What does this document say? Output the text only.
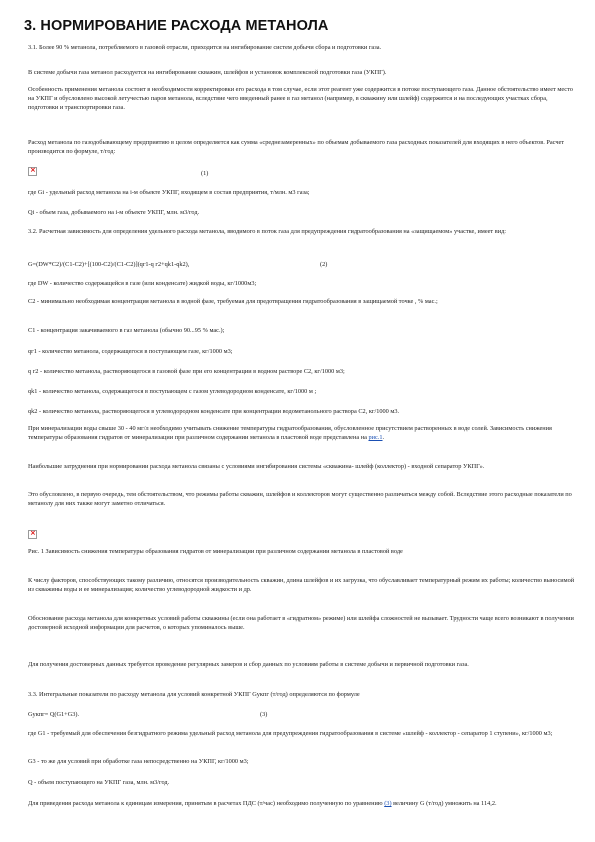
3. НОРМИРОВАНИЕ РАСХОДА МЕТАНОЛА

3.1. Более 90 % метанола, потребляемого в газовой отрасли, приходится на ингибирование систем добычи сбора и подготовки газа.

В системе добычи газа метанол расходуется на ингибирование скважин, шлейфов и установок комплексной подготовки газа (УКПГ).

Особенность применения метанола состоит в необходимости корректировки его расхода в том случае, если этот реагент уже содержится в потоке поступающего газа. Данное обстоятельство имеет место на УКПГ и обусловлено высокой летучестью паров метанола, вследствие чего введенный ранее в газ метанол (например, в скважину или шлейф) содержится и на последующих участках сбора, подготовки и транспортировки газа.

Расход метанола по газодобывающему предприятию в целом определяется как сумма «среднезамеренных» по объемам добываемого газа расходных показателей для входящих в него объектов. Расчет производится по формуле, т/год:

×	(1)

где Gi - удельный расход метанола на i-м объекте УКПГ, входящем в состав предприятия, т/млн. м3 газа;

Qi - объем газа, добываемого на i-м объекте УКПГ, млн. м3/год.

3.2. Расчетная зависимость для определения удельного расхода метанола, вводимого в поток газа для предупреждения гидратообразования на «защищаемом» участке, имеет вид:

G=(DW*C2)/(C1-C2)+[(100-C2)/(C1-C2)](qг1-q г2+qk1-qk2),	(2)

где DW - количество содержащейся в газе (или конденсате) жидкой воды, кг/1000м3;

C2 - минимально необходимая концентрация метанола в водной фазе, требуемая для предотвращения гидратообразования в защищаемой точке , % мас.;

C1 - концентрация закачиваемого в газ метанола (обычно 90...95 % мас.);

qг1 - количество метанола, содержащегося в поступающем газе, кг/1000 м3;

q г2 - количество метанола, растворяющегося в газовой фазе при его концентрации в водном растворе С2, кг/1000 м3;

qk1 - количество метанола, содержащегося в поступающем с газом углеводородном конденсате, кг/1000 м ;

qk2 - количество метанола, растворяющегося в углеводородном конденсате при концентрации водометанольного раствора С2, кг/1000 м3.

При минерализации воды свыше 30 - 40 мг/л необходимо учитывать снижение температуры гидратообразования, обусловленное присутствием растворенных в воде солей. Зависимость снижения температуры образования гидратов от минерализации при различном содержании метанола в пластовой воде представлена на рис.1.

Наибольшие затруднения при нормировании расхода метанола связаны с условиями ингибирования системы «скважина- шлейф (коллектор) - входной сепаратор УКПГ».

Это обусловлено, в первую очередь, тем обстоятельством, что режимы работы скважин, шлейфов и коллекторов могут существенно различаться между собой. Вследствие этого расходные показатели по метанолу для них также могут заметно отличаться.

×

Рис. 1 Зависимость снижения температуры образования гидратов от минерализации при различном содержании метанола в пластовой воде

К числу факторов, способствующих такому различию, относятся производительность скважин, длина шлейфов и их загрузка, что обуславливает температурный режим их работы; количество выносимой из скважины воды и ее минерализация; количество углеводородной жидкости и др.

Обоснование расхода метанола для конкретных условий работы скважины (если она работает в «гидратном» режиме) или шлейфа сложностей не вызывает. Трудности чаще всего возникают в получении достоверной исходной информации для расчетов, о которых упоминалось выше.

Для получения достоверных данных требуется проведение регулярных замеров и сбор данных по условиям работы в системе добычи и первичной подготовки газа.

3.3. Интегральные показатели по расходу метанола для условий конкретной УКПГ Gукпг (т/год) определяются по формуле

Gукпг= Q(G1+G3).	(3)

где G1 - требуемый для обеспечения безгидратного режима удельный расход метанола для предупреждения гидратообразования в системе «шлейф - коллектор - сепаратор 1 ступени», кг/1000 м3;

G3 - то же для условий при обработке газа непосредственно на УКПГ, кг/1000 м3;

Q - объем поступающего на УКПГ газа, млн. м3/год.

Для приведения расхода метанола к единицам измерения, принятым в расчетах ПДС (т/час) необходимо полученную по уравнению (3) величину G (т/год) умножить на 114,2.
